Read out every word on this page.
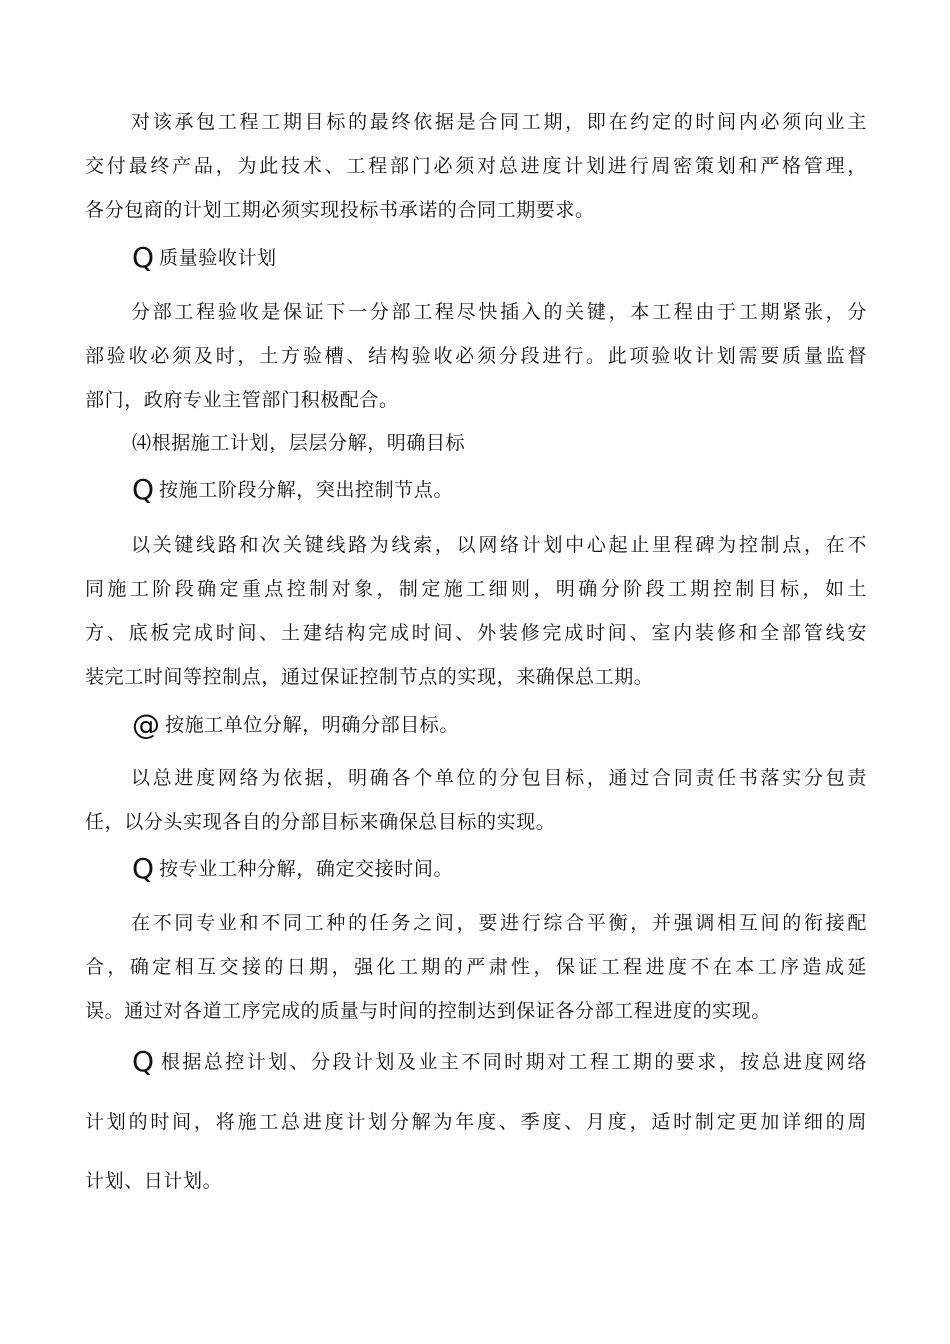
对该承包工程工期目标的最终依据是合同工期，即在约定的时间内必须向业主
交付最终产品，为此技术、工程部门必须对总进度计划进行周密策划和严格管理，
各分包商的计划工期必须实现投标书承诺的合同工期要求。
Q 质量验收计划
分部工程验收是保证下一分部工程尽快插入的关键，本工程由于工期紧张，分
部验收必须及时，土方验槽、结构验收必须分段进行。此项验收计划需要质量监督
部门，政府专业主管部门积极配合。
⑷根据施工计划，层层分解，明确目标
Q 按施工阶段分解，突出控制节点。
以关键线路和次关键线路为线索，以网络计划中心起止里程碑为控制点，在不
同施工阶段确定重点控制对象，制定施工细则，明确分阶段工期控制目标，如土
方、底板完成时间、土建结构完成时间、外装修完成时间、室内装修和全部管线安
装完工时间等控制点，通过保证控制节点的实现，来确保总工期。
@ 按施工单位分解，明确分部目标。
以总进度网络为依据，明确各个单位的分包目标，通过合同责任书落实分包责
任，以分头实现各自的分部目标来确保总目标的实现。
Q 按专业工种分解，确定交接时间。
在不同专业和不同工种的任务之间，要进行综合平衡，并强调相互间的衔接配
合，确定相互交接的日期，强化工期的严肃性，保证工程进度不在本工序造成延
误。通过对各道工序完成的质量与时间的控制达到保证各分部工程进度的实现。
Q 根据总控计划、分段计划及业主不同时期对工程工期的要求，按总进度网络
计划的时间，将施工总进度计划分解为年度、季度、月度，适时制定更加详细的周
计划、日计划。
